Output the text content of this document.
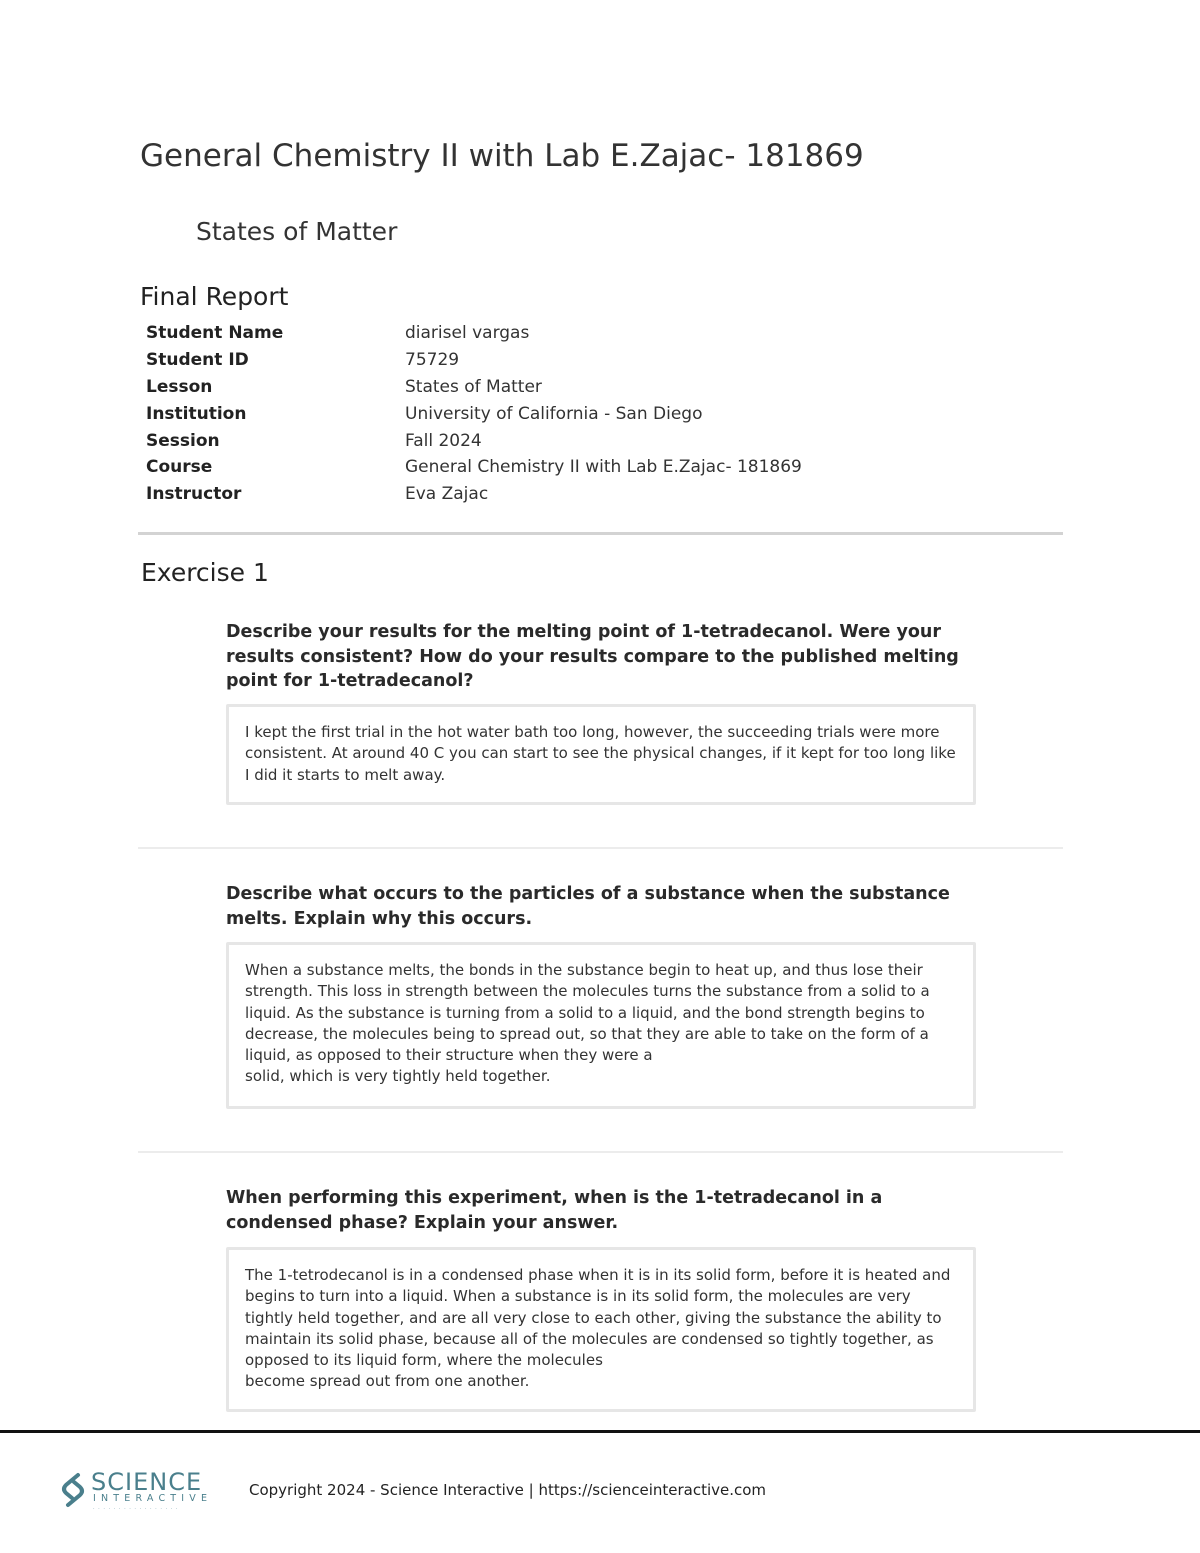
General Chemistry II with Lab E.Zajac- 181869
States of Matter
Final Report
Student Name	diarisel vargas
Student ID	75729
Lesson	States of Matter
Institution	University of California - San Diego
Session	Fall 2024
Course	General Chemistry II with Lab E.Zajac- 181869
Instructor	Eva Zajac
Exercise 1

Describe your results for the melting point of 1-tetradecanol. Were your results consistent? How do your results compare to the published melting point for 1-tetradecanol?

I kept the first trial in the hot water bath too long, however, the succeeding trials were more consistent. At around 40 C you can start to see the physical changes, if it kept for too long like I did it starts to melt away.

Describe what occurs to the particles of a substance when the substance melts. Explain why this occurs.

When a substance melts, the bonds in the substance begin to heat up, and thus lose their strength. This loss in strength between the molecules turns the substance from a solid to a liquid. As the substance is turning from a solid to a liquid, and the bond strength begins to decrease, the molecules being to spread out, so that they are able to take on the form of a liquid, as opposed to their structure when they were a

solid, which is very tightly held together.

When performing this experiment, when is the 1-tetradecanol in a condensed phase? Explain your answer.

The 1-tetrodecanol is in a condensed phase when it is in its solid form, before it is heated and begins to turn into a liquid. When a substance is in its solid form, the molecules are very tightly held together, and are all very close to each other, giving the substance the ability to maintain its solid phase, because all of the molecules are condensed so tightly together, as opposed to its liquid form, where the molecules

become spread out from one another.

SCIENCE
INTERACTIVE
· · · · · · · · · · · · · · · · ·
Copyright 2024 - Science Interactive | https://scienceinteractive.com
